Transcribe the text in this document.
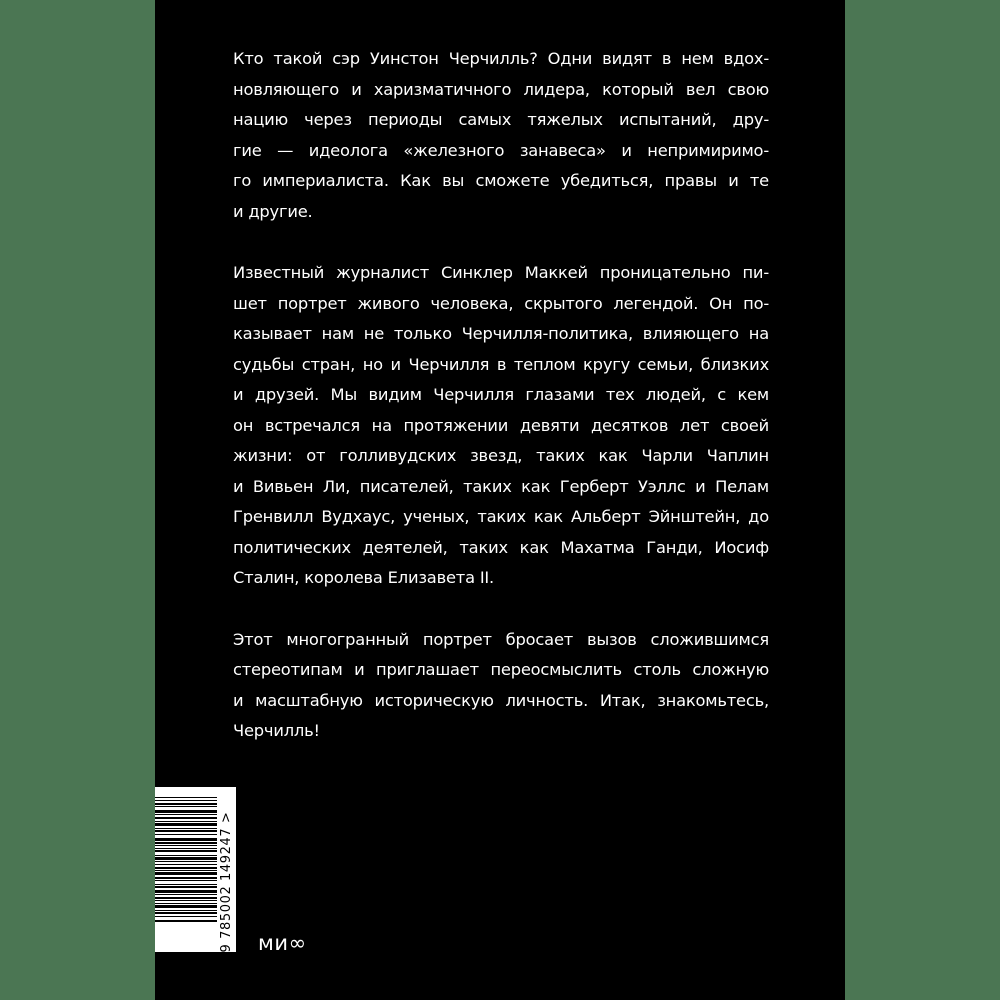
Кто такой сэр Уинстон Черчилль? Одни видят в нем вдох-
новляющего и харизматичного лидера, который вел свою
нацию через периоды самых тяжелых испытаний, дру-
гие — идеолога «железного занавеса» и непримиримо-
го империалиста. Как вы сможете убедиться, правы и те
и другие.

Известный журналист Синклер Маккей проницательно пи-
шет портрет живого человека, скрытого легендой. Он по-
казывает нам не только Черчилля-политика, влияющего на
судьбы стран, но и Черчилля в теплом кругу семьи, близких
и друзей. Мы видим Черчилля глазами тех людей, с кем
он встречался на протяжении девяти десятков лет своей
жизни: от голливудских звезд, таких как Чарли Чаплин
и Вивьен Ли, писателей, таких как Герберт Уэллс и Пелам
Гренвилл Вудхаус, ученых, таких как Альберт Эйнштейн, до
политических деятелей, таких как Махатма Ганди, Иосиф
Сталин, королева Елизавета II.

Этот многогранный портрет бросает вызов сложившимся
стереотипам и приглашает переосмыслить столь сложную
и масштабную историческую личность. Итак, знакомьтесь,
Черчилль!

9 785002 149247 > ми∞
